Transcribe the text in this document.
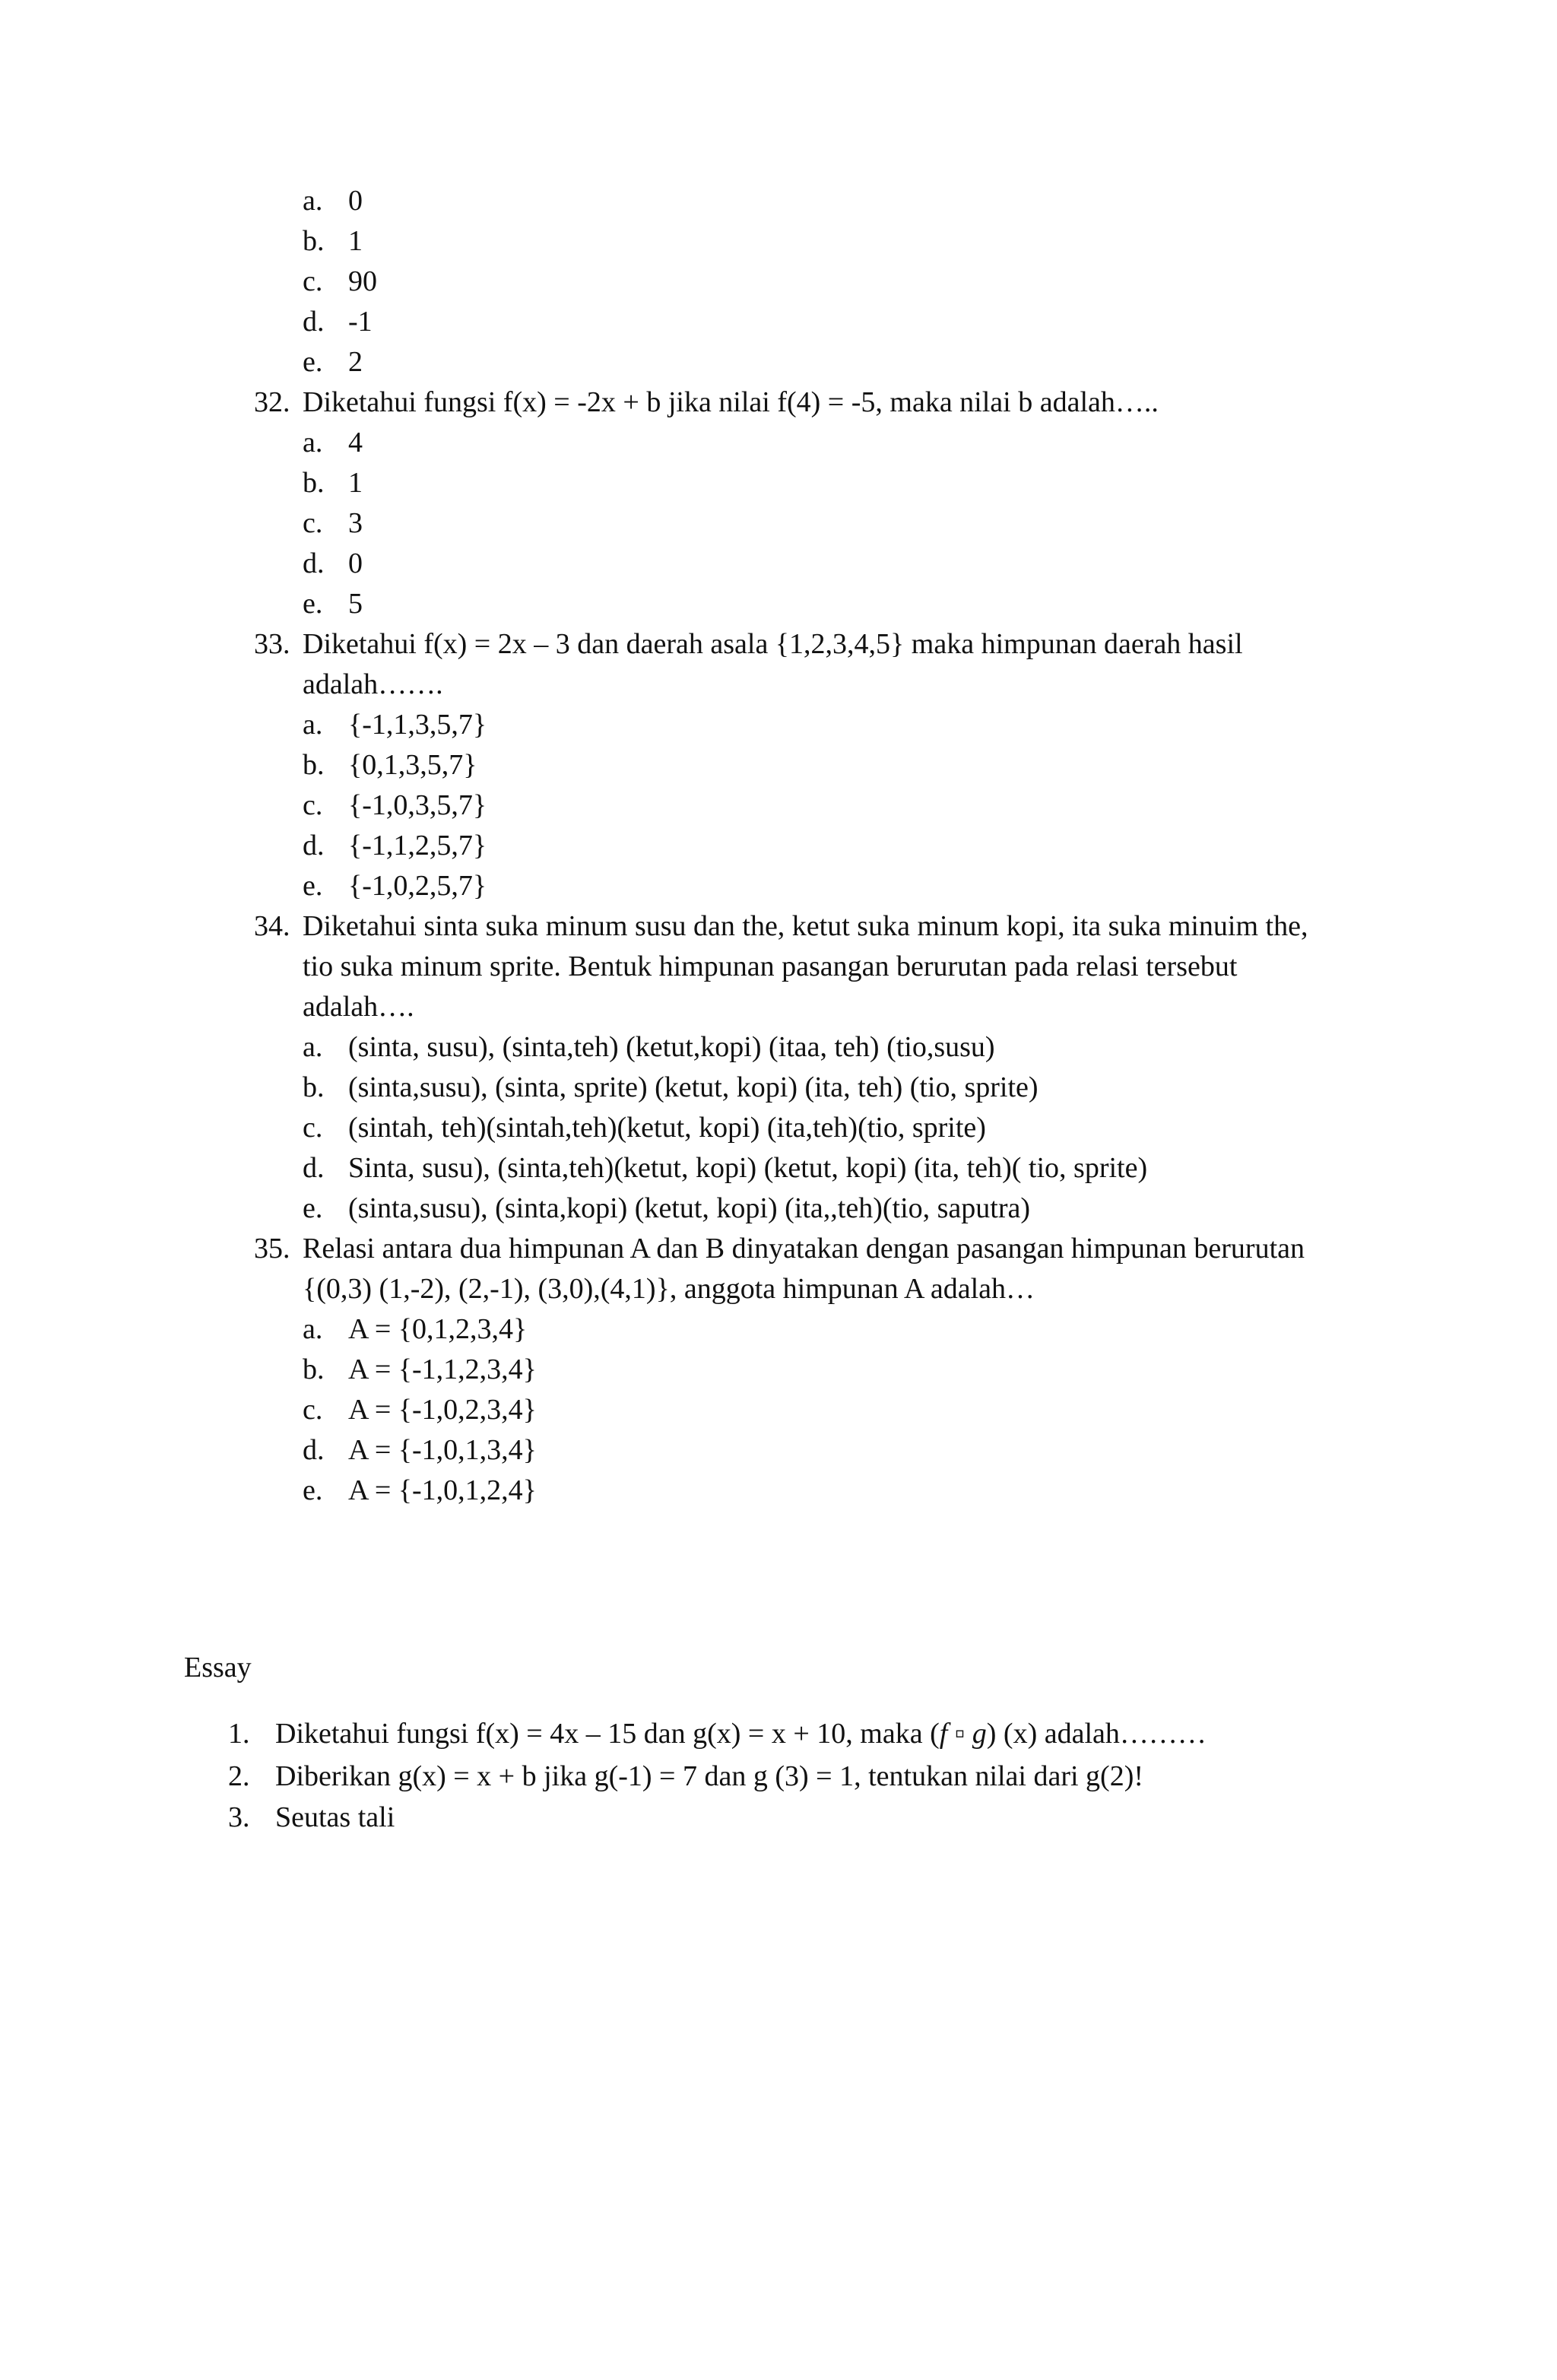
a. 0
b. 1
c. 90
d. -1
e. 2
32. Diketahui fungsi f(x) = -2x + b jika nilai f(4) = -5, maka nilai b adalah…..
a. 4
b. 1
c. 3
d. 0
e. 5
33. Diketahui f(x) = 2x – 3 dan daerah asala {1,2,3,4,5} maka himpunan daerah hasil
adalah…….
a. {-1,1,3,5,7}
b. {0,1,3,5,7}
c. {-1,0,3,5,7}
d. {-1,1,2,5,7}
e. {-1,0,2,5,7}
34. Diketahui sinta suka minum susu dan the, ketut suka minum kopi, ita suka minuim the,
tio suka minum sprite. Bentuk himpunan pasangan berurutan pada relasi tersebut
adalah….
a. (sinta, susu), (sinta,teh) (ketut,kopi) (itaa, teh) (tio,susu)
b. (sinta,susu), (sinta, sprite) (ketut, kopi) (ita, teh) (tio, sprite)
c. (sintah, teh)(sintah,teh)(ketut, kopi) (ita,teh)(tio, sprite)
d. Sinta, susu), (sinta,teh)(ketut, kopi) (ketut, kopi) (ita, teh)( tio, sprite)
e. (sinta,susu), (sinta,kopi) (ketut, kopi) (ita,,teh)(tio, saputra)
35. Relasi antara dua himpunan A dan B dinyatakan dengan pasangan himpunan berurutan
{(0,3) (1,-2), (2,-1), (3,0),(4,1)}, anggota himpunan A adalah…
a. A = {0,1,2,3,4}
b. A = {-1,1,2,3,4}
c. A = {-1,0,2,3,4}
d. A = {-1,0,1,3,4}
e. A = {-1,0,1,2,4}
Essay
1. Diketahui fungsi f(x) = 4x – 15 dan g(x) = x + 10, maka (f ▫ g) (x) adalah………
2. Diberikan g(x) = x + b jika g(-1) = 7 dan g (3) = 1, tentukan nilai dari g(2)!
3. Seutas tali
